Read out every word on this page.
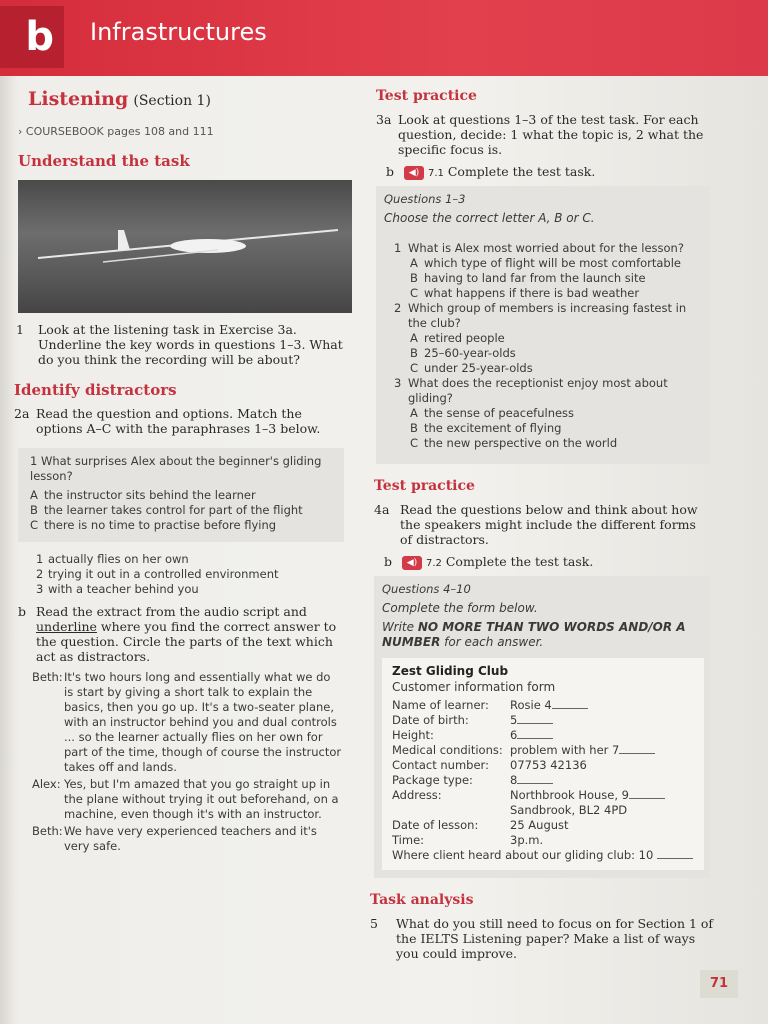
b	Infrastructures
Listening (Section 1)
› COURSEBOOK pages 108 and 111
Understand the task
1	Look at the listening task in Exercise 3a. Underline the key words in questions 1–3. What do you think the recording will be about?
Identify distractors
2a Read the question and options. Match the options A–C with the paraphrases 1–3 below.
1 What surprises Alex about the beginner's gliding lesson?
A the instructor sits behind the learner
B the learner takes control for part of the flight
C there is no time to practise before flying
1 actually flies on her own
2 trying it out in a controlled environment
3 with a teacher behind you
b Read the extract from the audio script and underline where you find the correct answer to the question. Circle the parts of the text which act as distractors.
Beth: It's two hours long and essentially what we do is start by giving a short talk to explain the basics, then you go up. It's a two-seater plane, with an instructor behind you and dual controls ... so the learner actually flies on her own for part of the time, though of course the instructor takes off and lands.
Alex: Yes, but I'm amazed that you go straight up in the plane without trying it out beforehand, on a machine, even though it's with an instructor.
Beth: We have very experienced teachers and it's very safe.
Test practice
3a Look at questions 1–3 of the test task. For each question, decide: 1 what the topic is, 2 what the specific focus is.
b ◀) 7.1 Complete the test task.
Questions 1–3
Choose the correct letter A, B or C.
1 What is Alex most worried about for the lesson?
A which type of flight will be most comfortable
B having to land far from the launch site
C what happens if there is bad weather
2 Which group of members is increasing fastest in the club?
A retired people
B 25–60-year-olds
C under 25-year-olds
3 What does the receptionist enjoy most about gliding?
A the sense of peacefulness
B the excitement of flying
C the new perspective on the world
Test practice
4a Read the questions below and think about how the speakers might include the different forms of distractors.
b ◀) 7.2 Complete the test task.
Questions 4–10
Complete the form below.
Write NO MORE THAN TWO WORDS AND/OR A NUMBER for each answer.
Zest Gliding Club
Customer information form
Name of learner:	Rosie 4
Date of birth:	5
Height:	6
Medical conditions: problem with her 7
Contact number:	07753 42136
Package type:	8
Address:	Northbrook House, 9
Sandbrook, BL2 4PD
Date of lesson:	25 August
Time:	3p.m.
Where client heard about our gliding club: 10
Task analysis
5	What do you still need to focus on for Section 1 of the IELTS Listening paper? Make a list of ways you could improve.
71
